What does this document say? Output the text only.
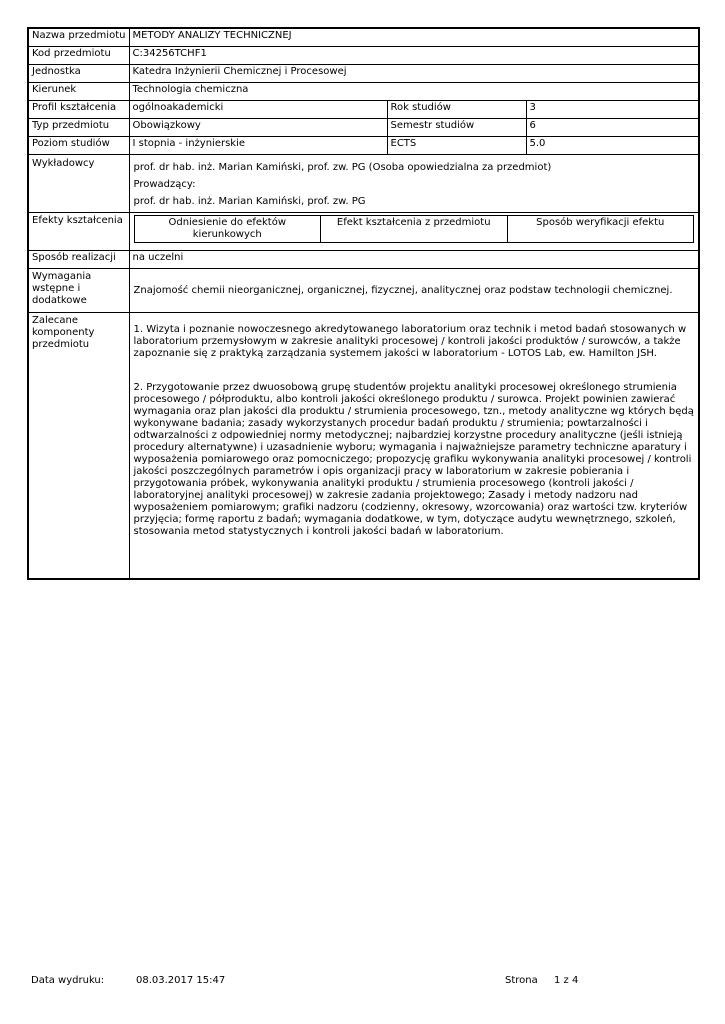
Nazwa przedmiotu	METODY ANALIZY TECHNICZNEJ
Kod przedmiotu	C:34256TCHF1
Jednostka	Katedra Inżynierii Chemicznej i Procesowej
Kierunek	Technologia chemiczna
Profil kształcenia	ogólnoakademicki	Rok studiów	3
Typ przedmiotu	Obowiązkowy	Semestr studiów	6
Poziom studiów	I stopnia - inżynierskie	ECTS	5.0
Wykładowcy	prof. dr hab. inż. Marian Kamiński, prof. zw. PG (Osoba opowiedzialna za przedmiot)
Prowadzący:
prof. dr hab. inż. Marian Kamiński, prof. zw. PG

Efekty kształcenia		Odniesienie do efektów kierunkowych	Efekt kształcenia z przedmiotu	Sposób weryfikacji efektu

Sposób realizacji	na uczelni
Wymagania wstępne i dodatkowe	Znajomość chemii nieorganicznej, organicznej, fizycznej, analitycznej oraz podstaw technologii chemicznej.
Zalecane komponenty przedmiotu	
1. Wizyta i poznanie nowoczesnego akredytowanego laboratorium oraz technik i metod badań stosowanych w laboratorium przemysłowym w zakresie analityki procesowej / kontroli jakości produktów / surowców, a także zapoznanie się z praktyką zarządzania systemem jakości w laboratorium - LOTOS Lab, ew. Hamilton JSH.
2. Przygotowanie przez dwuosobową grupę studentów projektu analityki procesowej określonego strumienia procesowego / półproduktu, albo kontroli jakości określonego produktu / surowca. Projekt powinien zawierać wymagania oraz plan jakości dla produktu / strumienia procesowego, tzn., metody analityczne wg których będą wykonywane badania; zasady wykorzystanych procedur badań produktu / strumienia; powtarzalności i odtwarzalności z odpowiedniej normy metodycznej; najbardziej korzystne procedury analityczne (jeśli istnieją procedury alternatywne) i uzasadnienie wyboru; wymagania i najważniejsze parametry techniczne aparatury i wyposażenia pomiarowego oraz pomocniczego; propozycję grafiku wykonywania analityki procesowej / kontroli jakości poszczególnych parametrów i opis organizacji pracy w laboratorium w zakresie pobierania i przygotowania próbek, wykonywania analityki produktu / strumienia procesowego (kontroli jakości / laboratoryjnej analityki procesowej) w zakresie zadania projektowego; Zasady i metody nadzoru nad wyposażeniem pomiarowym; grafiki nadzoru (codzienny, okresowy, wzorcowania) oraz wartości tzw. kryteriów przyjęcia; formę raportu z badań; wymagania dodatkowe, w tym, dotyczące audytu wewnętrznego, szkoleń, stosowania metod statystycznych i kontroli jakości badań w laboratorium.
Data wydruku:	08.03.2017 15:47	Strona 1 z 4
